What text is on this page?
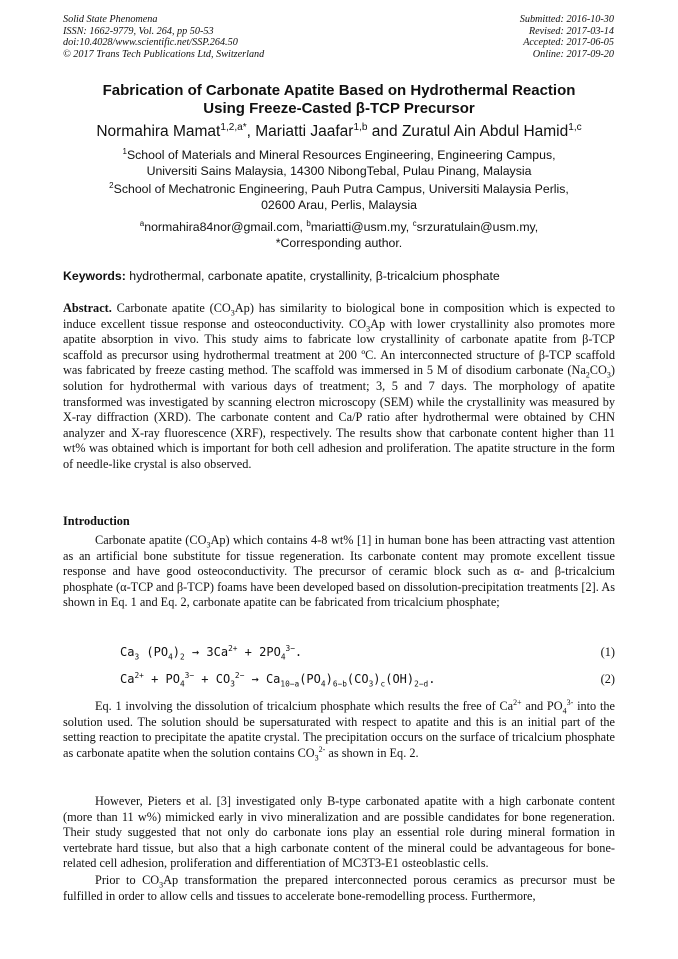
Solid State Phenomena
ISSN: 1662-9779, Vol. 264, pp 50-53
doi:10.4028/www.scientific.net/SSP.264.50
© 2017 Trans Tech Publications Ltd, Switzerland
Submitted: 2016-10-30
Revised: 2017-03-14
Accepted: 2017-06-05
Online: 2017-09-20
Fabrication of Carbonate Apatite Based on Hydrothermal Reaction
Using Freeze-Casted β-TCP Precursor
Normahira Mamat$^{1,2,a*}$, Mariatti Jaafar$^{1,b}$ and Zuratul Ain Abdul Hamid$^{1,c}$
$^1$School of Materials and Mineral Resources Engineering, Engineering Campus,
Universiti Sains Malaysia, 14300 NibongTebal, Pulau Pinang, Malaysia
$^2$School of Mechatronic Engineering, Pauh Putra Campus, Universiti Malaysia Perlis,
02600 Arau, Perlis, Malaysia
$^a$normahira84nor@gmail.com, $^b$mariatti@usm.my, $^c$srzuratulain@usm.my,
*Corresponding author.
Keywords: hydrothermal, carbonate apatite, crystallinity, β-tricalcium phosphate
Abstract. Carbonate apatite $(CO_3Ap)$ has similarity to biological bone in composition which is expected to induce excellent tissue response and osteoconductivity. $CO_3Ap$ with lower crystallinity also promotes more apatite absorption in vivo. This study aims to fabricate low crystallinity of carbonate apatite from β-TCP scaffold as precursor using hydrothermal treatment at 200 ºC. An interconnected structure of β-TCP scaffold was fabricated by freeze casting method. The scaffold was immersed in 5 M of disodium carbonate $(Na_2CO_3)$ solution for hydrothermal with various days of treatment; 3, 5 and 7 days. The morphology of apatite transformed was investigated by scanning electron microscopy (SEM) while the crystallinity was measured by X-ray diffraction (XRD). The carbonate content and Ca/P ratio after hydrothermal were obtained by CHN analyzer and X-ray fluorescence (XRF), respectively. The results show that carbonate content higher than 11 wt% was obtained which is important for both cell adhesion and proliferation. The apatite structure in the form of needle-like crystal is also observed.
Introduction
Carbonate apatite $(CO_3Ap)$ which contains 4-8 wt% [1] in human bone has been attracting vast attention as an artificial bone substitute for tissue regeneration. Its carbonate content may promote excellent tissue response and have good osteoconductivity. The precursor of ceramic block such as α- and β-tricalcium phosphate (α-TCP and β-TCP) foams have been developed based on dissolution-precipitation treatments [2]. As shown in Eq. 1 and Eq. 2, carbonate apatite can be fabricated from tricalcium phosphate;
$Ca_3$ $(PO_4)_2 \to 3Ca^{2+} + 2PO_4^{3-}$.	(1)
$Ca^{2+} + PO_4^{3-} + CO_3^{2-} \to Ca_{10-a}(PO_4)_{6-b}(CO_3)_c(OH)_{2-d}$.	(2)
Eq. 1 involving the dissolution of tricalcium phosphate which results the free of $Ca^{2+}$ and $PO_4^{3-}$ into the solution used. The solution should be supersaturated with respect to apatite and this is an initial part of the setting reaction to precipitate the apatite crystal. The precipitation occurs on the surface of tricalcium phosphate as carbonate apatite when the solution contains $CO_3^{2-}$ as shown in Eq. 2.
However, Pieters et al. [3] investigated only B-type carbonated apatite with a high carbonate content (more than 11 w%) mimicked early in vivo mineralization and are possible candidates for bone regeneration. Their study suggested that not only do carbonate ions play an essential role during mineral formation in vertebrate hard tissue, but also that a high carbonate content of the mineral could be advantageous for bone-related cell adhesion, proliferation and differentiation of MC3T3-E1 osteoblastic cells.
Prior to $CO_3Ap$ transformation the prepared interconnected porous ceramics as precursor must be fulfilled in order to allow cells and tissues to accelerate bone-remodelling process. Furthermore,
